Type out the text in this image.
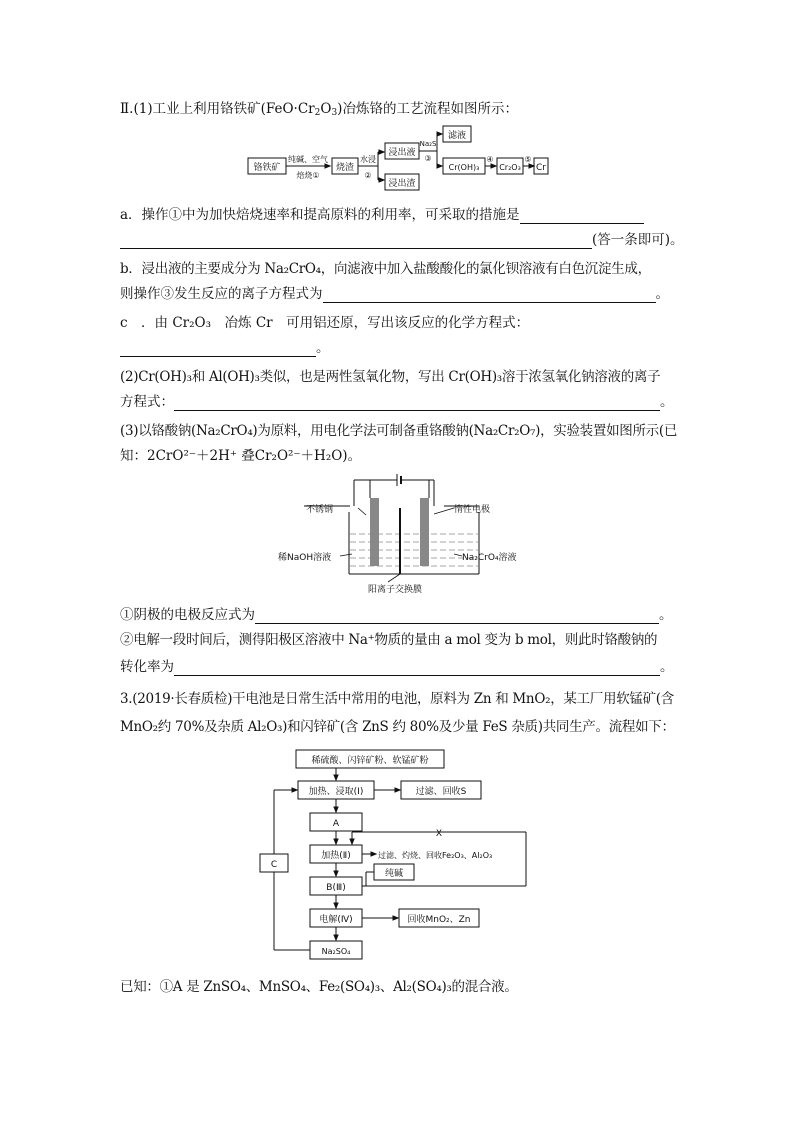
Ⅱ.(1)工业上利用铬铁矿$(FeO\cdot Cr_2O_3)$冶炼铬的工艺流程如图所示：
铬铁矿
纯碱、空气
焙烧①
烧渣
水浸
②
浸出液
浸出渣
Na₂S
③
滤液
Cr(OH)₃
④
Cr₂O₃
⑤
Cr
a．操作①中为加快焙烧速率和提高原料的利用率，可采取的措施是
(答一条即可)。
b．浸出液的主要成分为 Na₂CrO₄，向滤液中加入盐酸酸化的氯化钡溶液有白色沉淀生成，
则操作③发生反应的离子方程式为	。
c　．由 Cr₂O₃　冶炼 Cr　可用铝还原，写出该反应的化学方程式：
。
(2)Cr(OH)₃和 Al(OH)₃类似，也是两性氢氧化物，写出 Cr(OH)₃溶于浓氢氧化钠溶液的离子
方程式：	。
(3)以铬酸钠(Na₂CrO₄)为原料，用电化学法可制备重铬酸钠(Na₂Cr₂O₇)，实验装置如图所示(已
知：2CrO²⁻＋2H⁺ 叠Cr₂O²⁻＋H₂O)。
不锈钢	惰性电极
稀NaOH溶液	Na₂CrO₄溶液
阳离子交换膜
①阴极的电极反应式为	。
②电解一段时间后，测得阳极区溶液中 Na⁺物质的量由 a mol 变为 b mol，则此时铬酸钠的
转化率为	。
3.(2019·长春质检)干电池是日常生活中常用的电池，原料为 Zn 和 MnO₂，某工厂用软锰矿(含
MnO₂约 70%及杂质 Al₂O₃)和闪锌矿(含 ZnS 约 80%及少量 FeS 杂质)共同生产。流程如下：
稀硫酸、闪锌矿粉、软锰矿粉
加热、浸取(Ⅰ)	过滤、回收S
A
X
加热(Ⅱ)	过滤、灼烧、回收Fe₂O₃、Al₂O₃
纯碱
B(Ⅲ)
电解(Ⅳ)	回收MnO₂、Zn
Na₂SO₄
C
已知：①A 是 ZnSO₄、MnSO₄、Fe₂(SO₄)₃、Al₂(SO₄)₃的混合液。
